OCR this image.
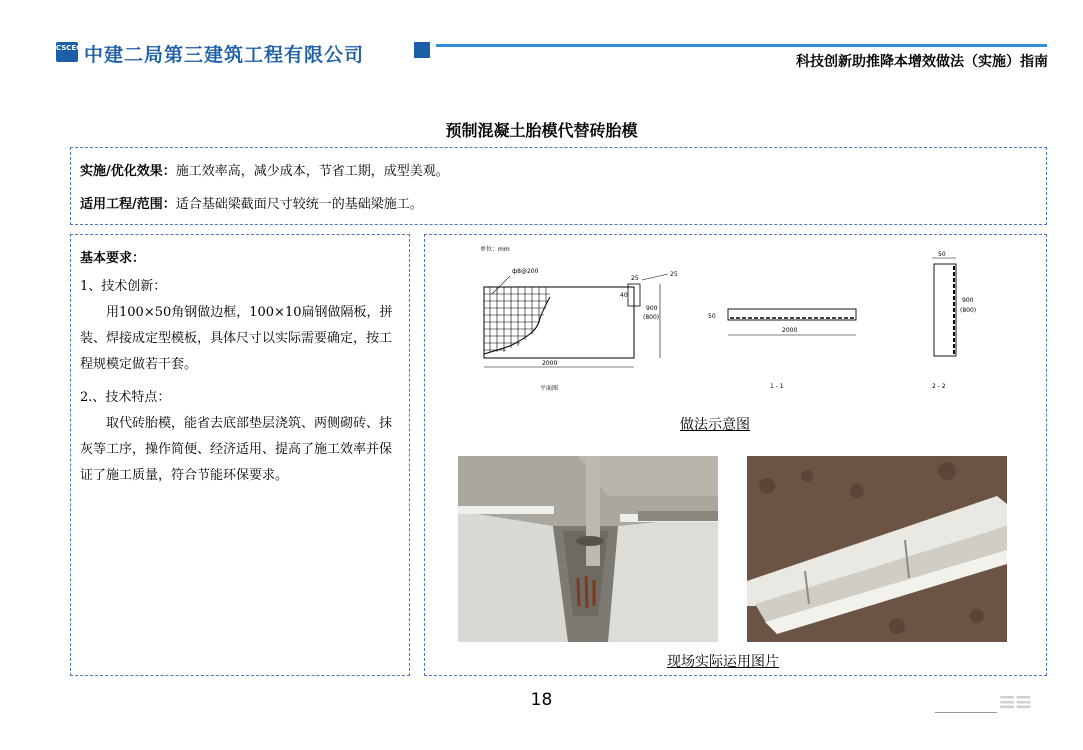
CSCEC 中建二局第三建筑工程有限公司	科技创新助推降本增效做法（实施）指南
预制混凝土胎模代替砖胎模
实施/优化效果：施工效率高，减少成本，节省工期，成型美观。
适用工程/范围：适合基础梁截面尺寸较统一的基础梁施工。
基本要求：
1、技术创新：
用100×50角钢做边框，100×10扁钢做隔板，拼装、焊接成定型模板，具体尺寸以实际需要确定，按工程规模定做若干套。
2.、技术特点：
取代砖胎模，能省去底部垫层浇筑、两侧砌砖、抹灰等工序，操作简便、经济适用、提高了施工效率并保证了施工质量，符合节能环保要求。
单位：mm
ф8@200
25
25
40
900
(800)
2000
平面图
50
2000
1 - 1
50
900
(800)
2 - 2
做法示意图
现场实际运用图片
18	≡≡
